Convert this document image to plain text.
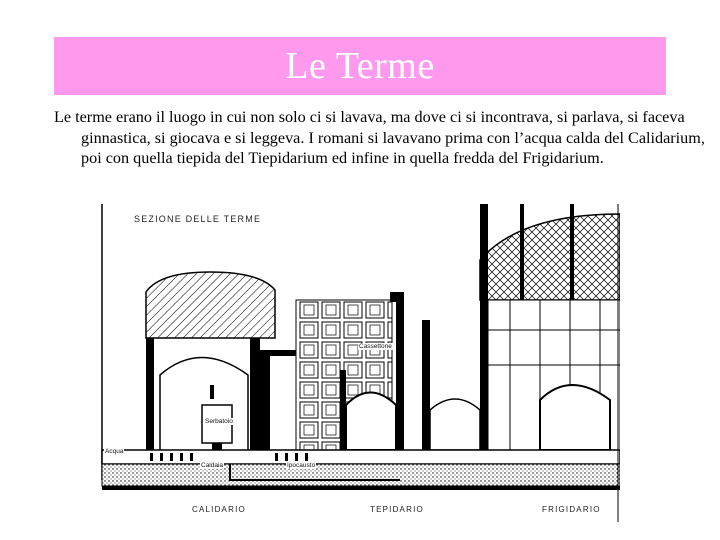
Le Terme
Le terme erano il luogo in cui non solo ci si lavava, ma dove ci si incontrava, si parlava, si faceva ginnastica, si giocava e si leggeva. I romani si lavavano prima con l’acqua calda del Calidarium, poi con quella tiepida del Tiepidarium ed infine in quella fredda del Frigidarium.
SEZIONE DELLE TERME
Serbatoio
Acqua
Caldaia	Ipocausto
Cassettone
CALIDARIO	TEPIDARIO	FRIGIDARIO
